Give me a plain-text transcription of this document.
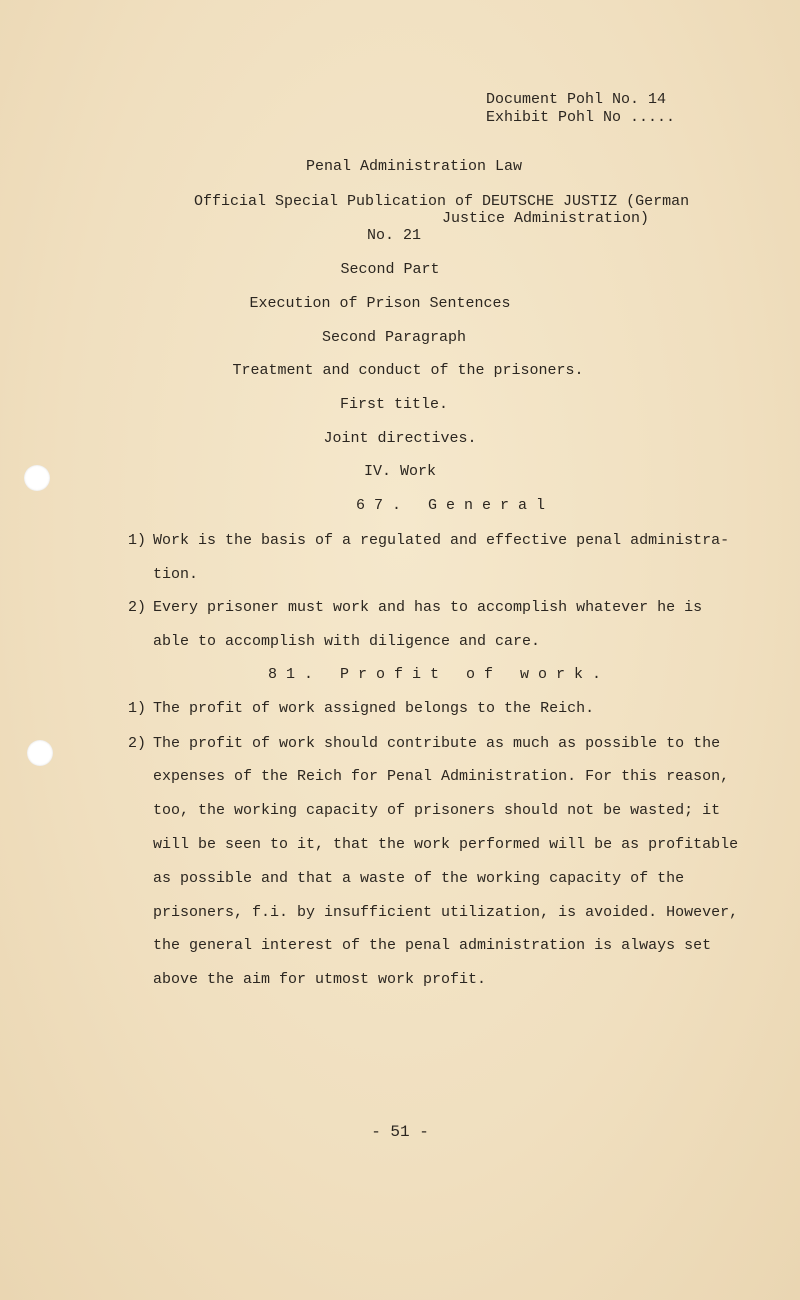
Document Pohl No. 14
Exhibit Pohl No .....
Penal Administration Law
Official Special Publication of DEUTSCHE JUSTIZ (German
Justice Administration)
No. 21
Second Part
Execution of Prison Sentences
Second Paragraph
Treatment and conduct of the prisoners.
First title.
Joint directives.
IV. Work
67. General
1) Work is the basis of a regulated and effective penal administra-
tion.
2) Every prisoner must work and has to accomplish whatever he is
able to accomplish with diligence and care.
81. Profit of work.
1) The profit of work assigned belongs to the Reich.
2) The profit of work should contribute as much as possible to the
expenses of the Reich for Penal Administration. For this reason,
too, the working capacity of prisoners should not be wasted; it
will be seen to it, that the work performed will be as profitable
as possible and that a waste of the working capacity of the
prisoners, f.i. by insufficient utilization, is avoided. However,
the general interest of the penal administration is always set
above the aim for utmost work profit.
- 51 -
